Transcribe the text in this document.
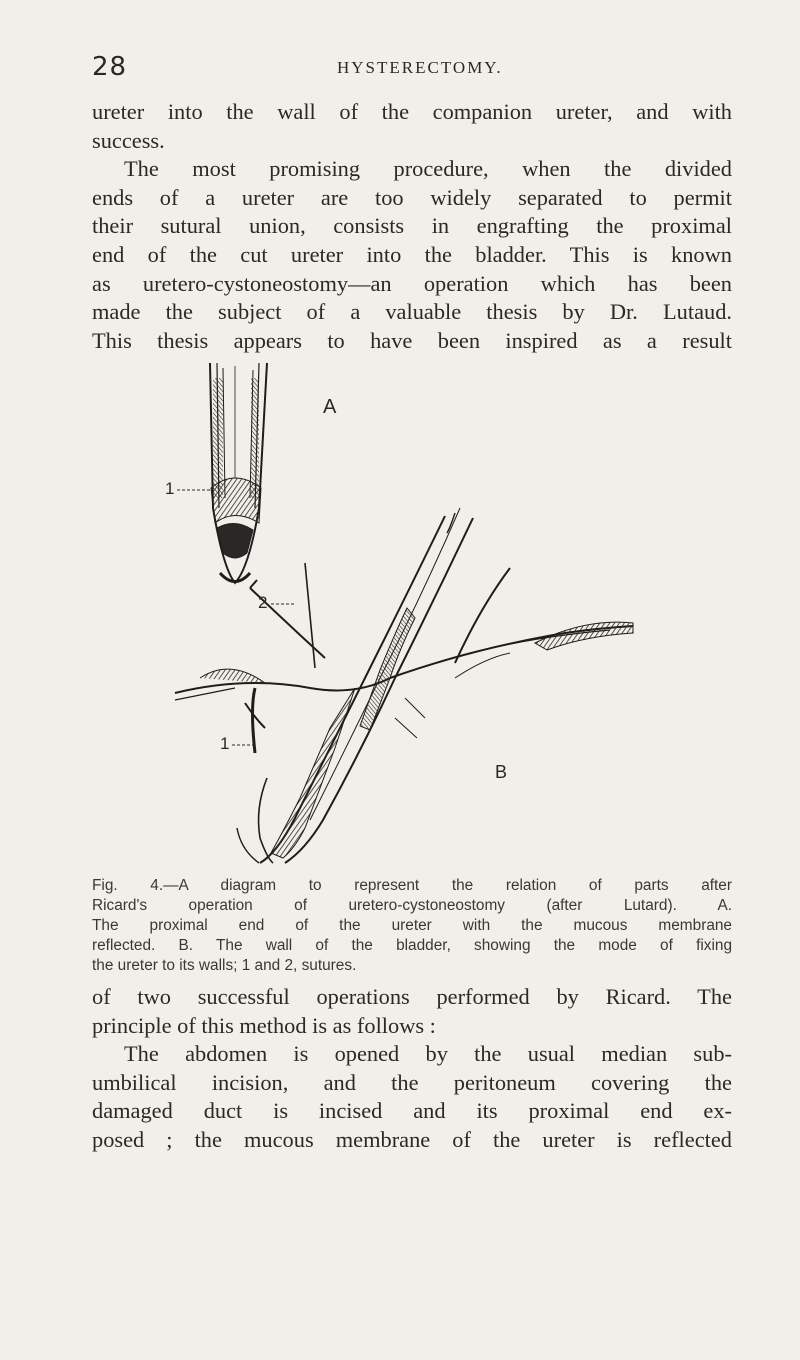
28	HYSTERECTOMY.
ureter into the wall of the companion ureter, and with
success.
The most promising procedure, when the divided
ends of a ureter are too widely separated to permit
their sutural union, consists in engrafting the proximal
end of the cut ureter into the bladder. This is known
as uretero-cystoneostomy—an operation which has been
made the subject of a valuable thesis by Dr. Lutaud.
This thesis appears to have been inspired as a result
A
1
2
1
B
Fig. 4.—A diagram to represent the relation of parts after
Ricard's operation of uretero-cystoneostomy (after Lutard). A.
The proximal end of the ureter with the mucous membrane
reflected. B. The wall of the bladder, showing the mode of fixing
the ureter to its walls; 1 and 2, sutures.
of two successful operations performed by Ricard. The
principle of this method is as follows :
The abdomen is opened by the usual median sub-
umbilical incision, and the peritoneum covering the
damaged duct is incised and its proximal end ex-
posed ; the mucous membrane of the ureter is reflected
